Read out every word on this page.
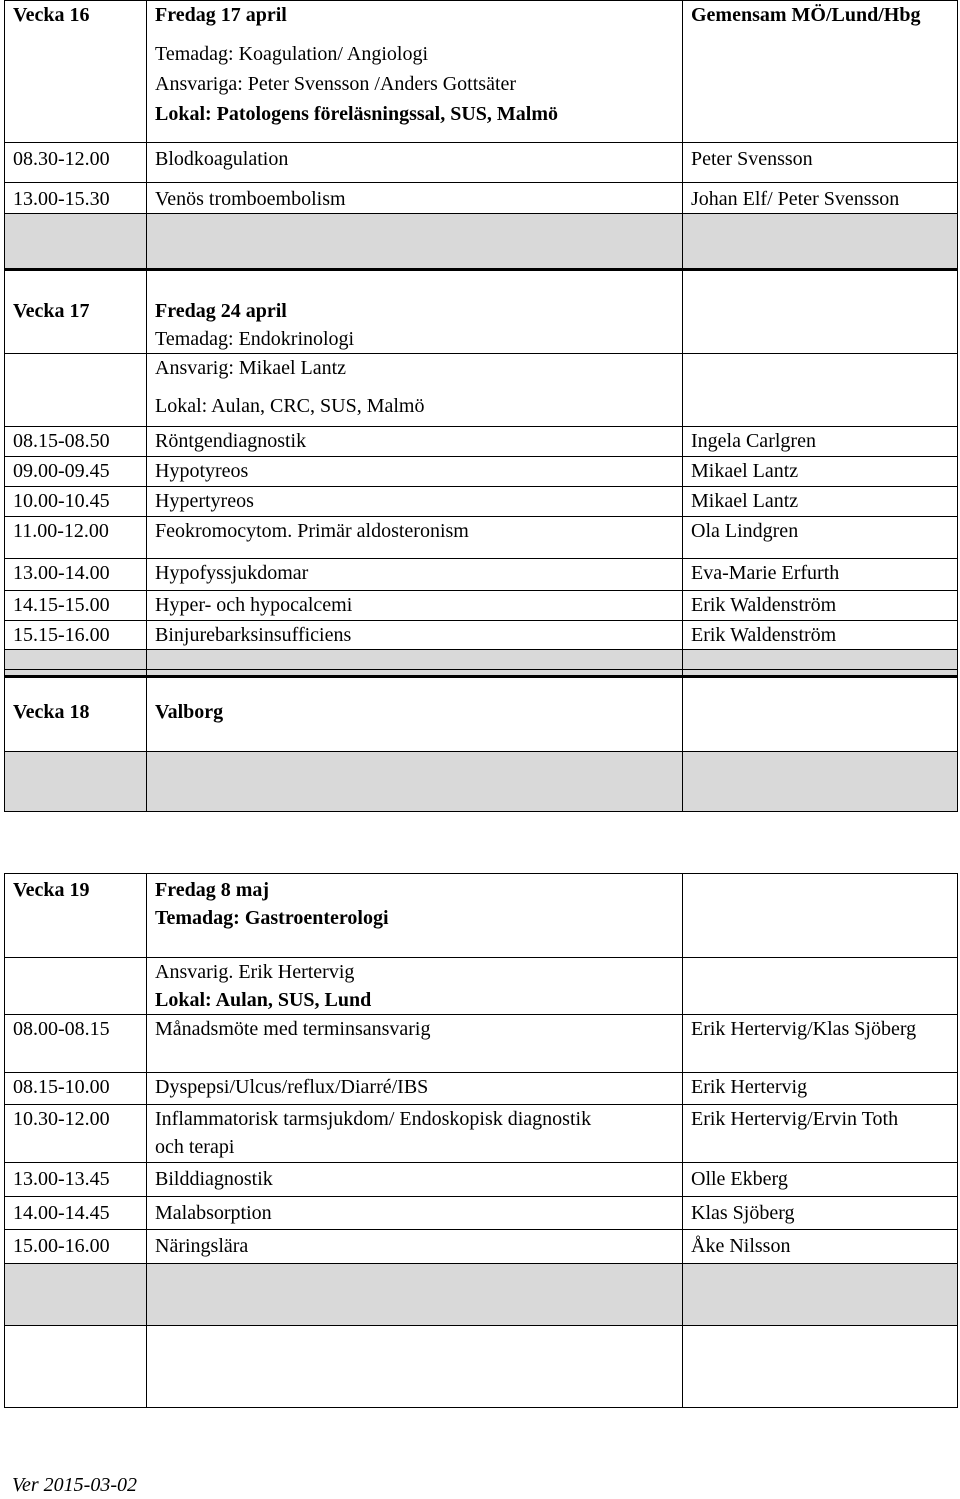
Vecka 16	Fredag 17 april
Temadag: Koagulation/ Angiologi
Ansvariga: Peter Svensson /Anders Gottsäter
Lokal: Patologens föreläsningssal, SUS, Malmö	Gemensam MÖ/Lund/Hbg
08.30-12.00	Blodkoagulation	Peter Svensson
13.00-15.30	Venös tromboembolism	Johan Elf/ Peter Svensson

Vecka 17	Fredag 24 april
Temadag: Endokrinologi	

	Ansvarig: Mikael Lantz
Lokal: Aulan, CRC, SUS, Malmö	

08.15-08.50	Röntgendiagnostik	Ingela Carlgren
09.00-09.45	Hypotyreos	Mikael Lantz
10.00-10.45	Hypertyreos	Mikael Lantz
11.00-12.00	Feokromocytom. Primär aldosteronism	Ola Lindgren
13.00-14.00	Hypofyssjukdomar	Eva-Marie Erfurth
14.15-15.00	Hyper- och hypocalcemi	Erik Waldenström
15.15-16.00	Binjurebarksinsufficiens	Erik Waldenström

Vecka 18	Valborg	

Vecka 19	Fredag 8 maj
Temadag: Gastroenterologi	

	Ansvarig. Erik Hertervig
Lokal: Aulan, SUS, Lund	

08.00-08.15	Månadsmöte med terminsansvarig	Erik Hertervig/Klas Sjöberg
08.15-10.00	Dyspepsi/Ulcus/reflux/Diarré/IBS	Erik Hertervig
10.30-12.00	Inflammatorisk tarmsjukdom/ Endoskopisk diagnostik och terapi	Erik Hertervig/Ervin Toth
13.00-13.45	Bilddiagnostik	Olle Ekberg
14.00-14.45	Malabsorption	Klas Sjöberg
15.00-16.00	Näringslära	Åke Nilsson

Ver 2015-03-02
